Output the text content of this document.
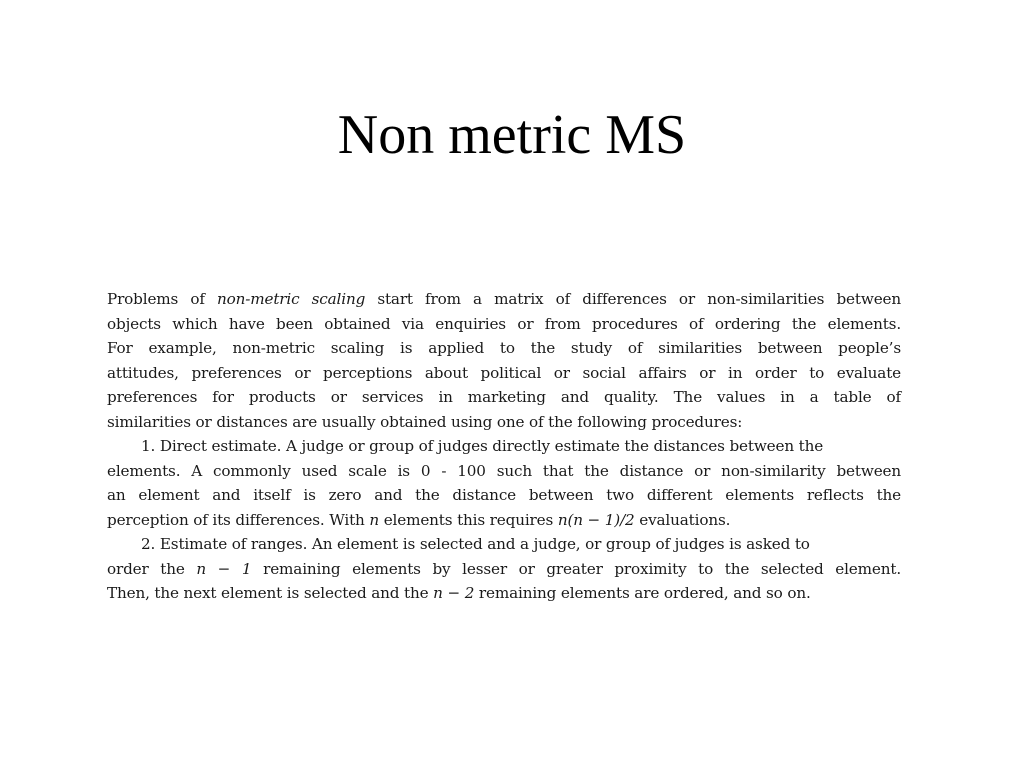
Non metric MS

Problems of non-metric scaling start from a matrix of differences or non-similarities between
objects which have been obtained via enquiries or from procedures of ordering the elements.
For example, non-metric scaling is applied to the study of similarities between people’s
attitudes, preferences or perceptions about political or social affairs or in order to evaluate
preferences for products or services in marketing and quality. The values in a table of
similarities or distances are usually obtained using one of the following procedures:

1. Direct estimate. A judge or group of judges directly estimate the distances between the
elements. A commonly used scale is 0 - 100 such that the distance or non-similarity between
an element and itself is zero and the distance between two different elements reflects the
perception of its differences. With n elements this requires n(n − 1)/2 evaluations.

2. Estimate of ranges. An element is selected and a judge, or group of judges is asked to
order the n − 1 remaining elements by lesser or greater proximity to the selected element.
Then, the next element is selected and the n − 2 remaining elements are ordered, and so on.
